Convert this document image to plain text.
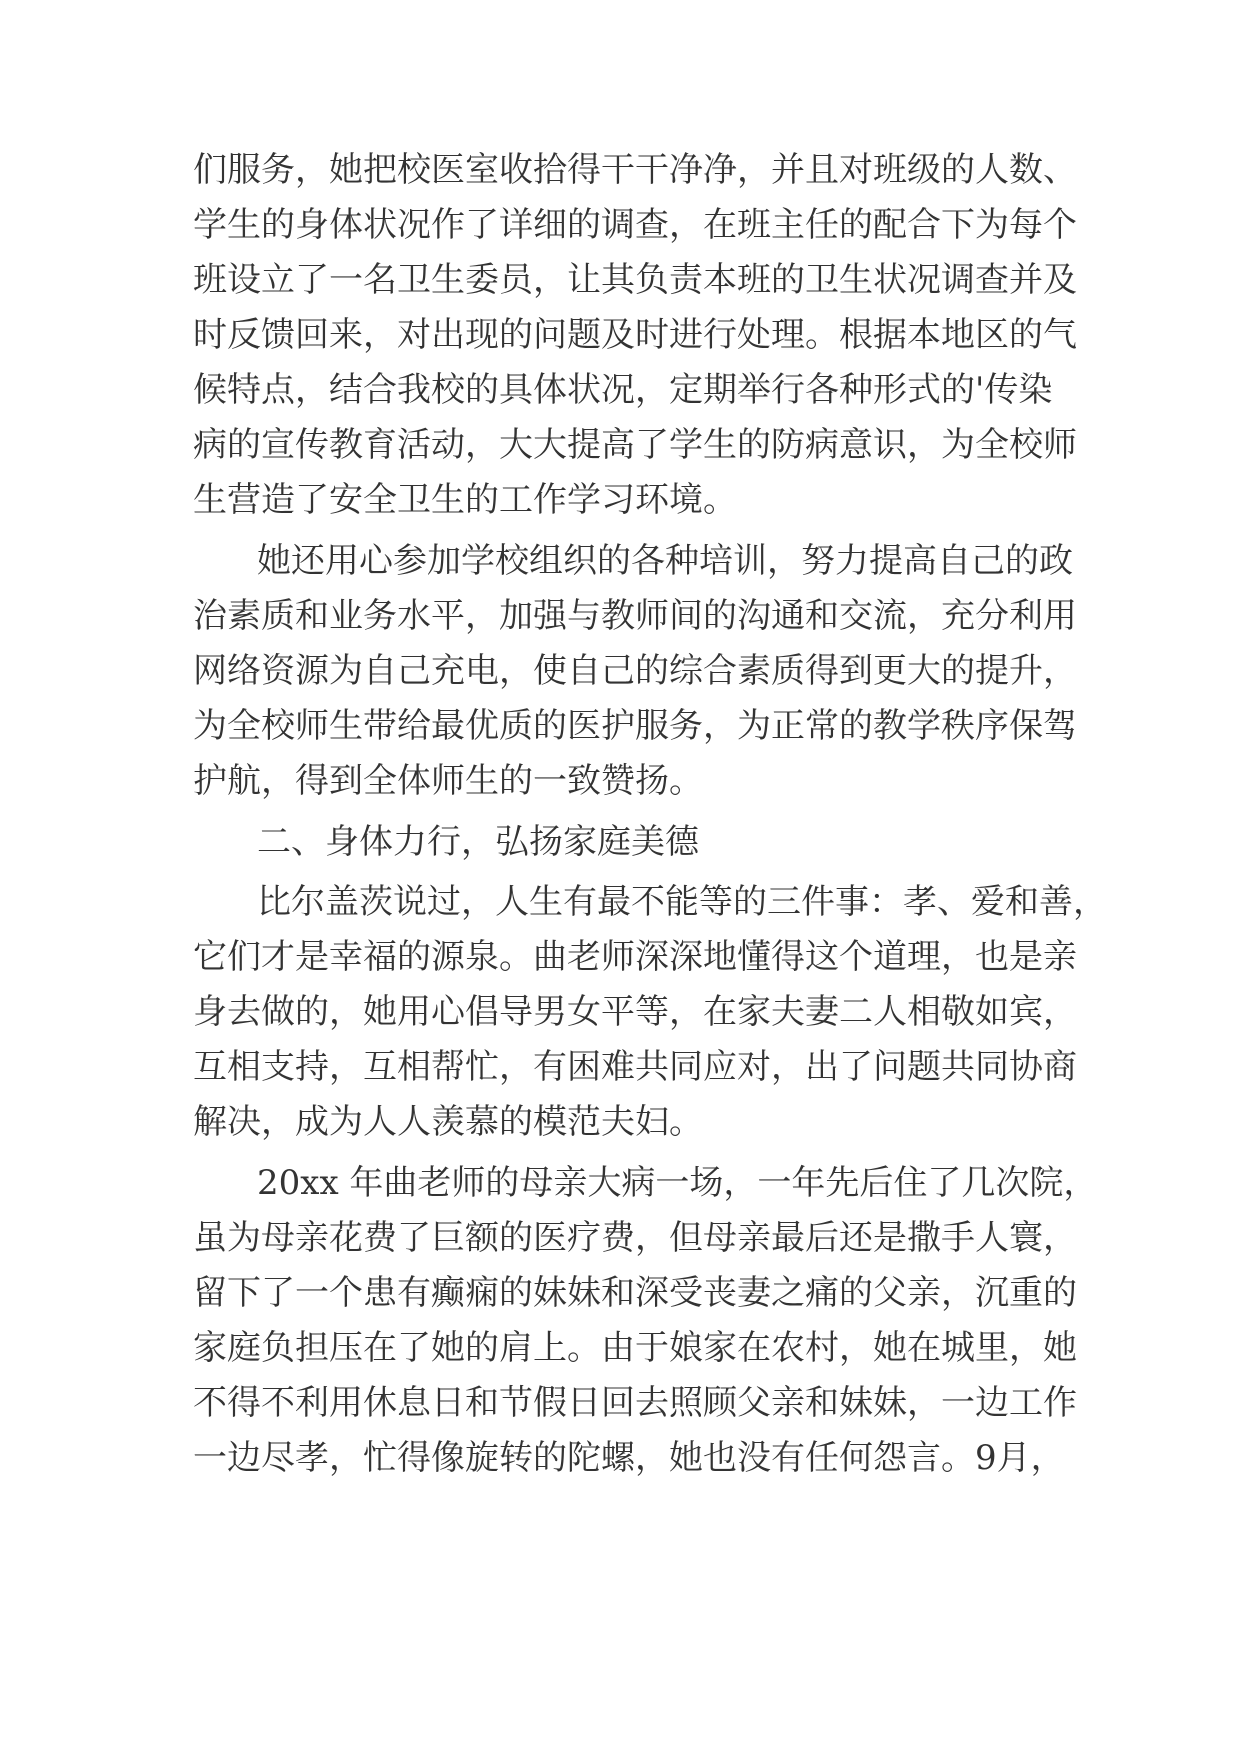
们服务，她把校医室收拾得干干净净，并且对班级的人数、

学生的身体状况作了详细的调查，在班主任的配合下为每个

班设立了一名卫生委员，让其负责本班的卫生状况调查并及

时反馈回来，对出现的问题及时进行处理。根据本地区的气

候特点，结合我校的具体状况，定期举行各种形式的'传染

病的宣传教育活动，大大提高了学生的防病意识，为全校师

生营造了安全卫生的工作学习环境。

她还用心参加学校组织的各种培训，努力提高自己的政

治素质和业务水平，加强与教师间的沟通和交流，充分利用

网络资源为自己充电，使自己的综合素质得到更大的提升，

为全校师生带给最优质的医护服务，为正常的教学秩序保驾

护航，得到全体师生的一致赞扬。

二、身体力行，弘扬家庭美德

比尔盖茨说过，人生有最不能等的三件事：孝、爱和善，

它们才是幸福的源泉。曲老师深深地懂得这个道理，也是亲

身去做的，她用心倡导男女平等，在家夫妻二人相敬如宾，

互相支持，互相帮忙，有困难共同应对，出了问题共同协商

解决，成为人人羡慕的模范夫妇。

20xx 年曲老师的母亲大病一场，一年先后住了几次院，

虽为母亲花费了巨额的医疗费，但母亲最后还是撒手人寰，

留下了一个患有癫痫的妹妹和深受丧妻之痛的父亲，沉重的

家庭负担压在了她的肩上。由于娘家在农村，她在城里，她

不得不利用休息日和节假日回去照顾父亲和妹妹，一边工作

一边尽孝，忙得像旋转的陀螺，她也没有任何怨言。9月，
